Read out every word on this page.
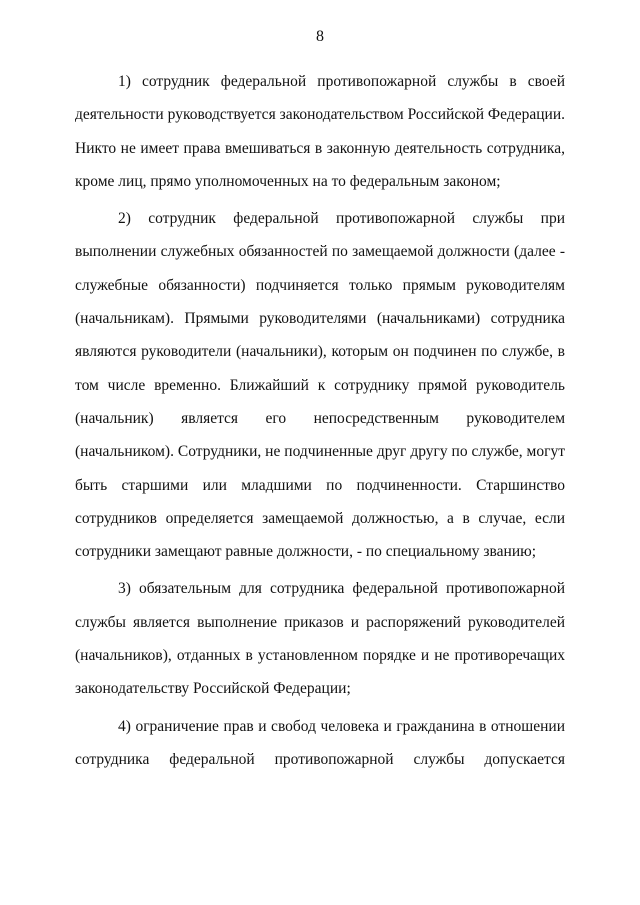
8
1) сотрудник федеральной противопожарной службы в своей
деятельности руководствуется законодательством Российской Федерации.
Никто не имеет права вмешиваться в законную деятельность сотрудника,
кроме лиц, прямо уполномоченных на то федеральным законом;
2) сотрудник федеральной противопожарной службы при
выполнении служебных обязанностей по замещаемой должности (далее -
служебные обязанности) подчиняется только прямым руководителям
(начальникам). Прямыми руководителями (начальниками) сотрудника
являются руководители (начальники), которым он подчинен по службе, в
том числе временно. Ближайший к сотруднику прямой руководитель
(начальник) является его непосредственным руководителем
(начальником). Сотрудники, не подчиненные друг другу по службе, могут
быть старшими или младшими по подчиненности. Старшинство
сотрудников определяется замещаемой должностью, а в случае, если
сотрудники замещают равные должности, - по специальному званию;
3) обязательным для сотрудника федеральной противопожарной
службы является выполнение приказов и распоряжений руководителей
(начальников), отданных в установленном порядке и не противоречащих
законодательству Российской Федерации;
4) ограничение прав и свобод человека и гражданина в отношении
сотрудника федеральной противопожарной службы допускается
